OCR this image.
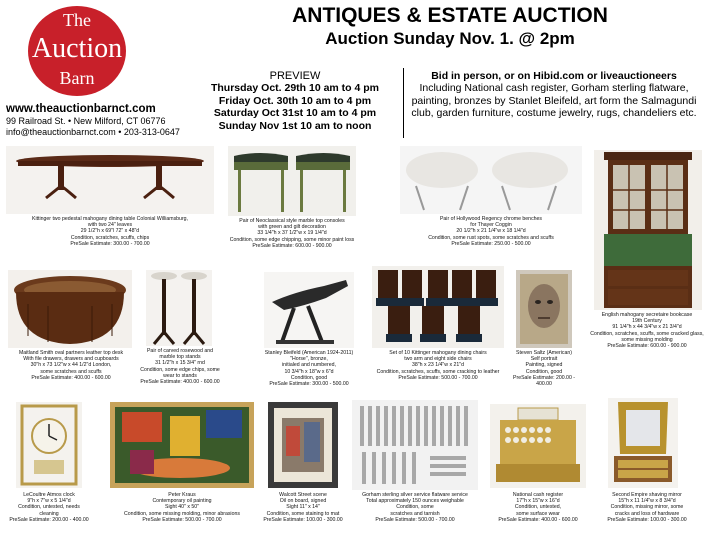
The
Auction
Barn
www.theauctionbarnct.com
99 Railroad St. • New Milford, CT 06776
info@theauctionbarnct.com • 203-313-0647
ANTIQUES & ESTATE AUCTION
Auction Sunday Nov. 1. @ 2pm
PREVIEW
Thursday Oct. 29th 10 am to 4 pm
Friday Oct. 30th 10 am to 4 pm
Saturday Oct 31st 10 am to 4 pm
Sunday Nov 1st 10 am to noon
Bid in person, or on Hibid.com or liveauctioneers
Including National cash register, Gorham sterling flatware, painting, bronzes by Stanlet Bleifeld, art form the Salmagundi club, garden furniture, costume jewelry, rugs, chandeliers etc.
Kittinger two pedestal mahogany dining table Colonial Williamsburg,
with two 24" leaves
29 1/2"h x 69"l 72" x 48"d
Condition, scratches, scuffs, chips
PreSale Estimate: 300.00 - 700.00
Pair of Neoclassical style marble top consoles
with green and gilt decoration
33 1/4"h x 37 1/2"w x 19 1/4"d
Condition, some edge chipping, some minor paint loss
PreSale Estimate: 600.00 - 900.00
Pair of Hollywood Regency chrome benches
for Thayer Coggin
20 1/2"h x 21 1/4"w x 18 1/4"d
Condition, some rust spots, some scratches and scuffs
PreSale Estimate: 250.00 - 500.00
English mahogany secretaire bookcase
19th Century
91 1/4"h x 44 3/4"w x 21 3/4"d
Condition, scratches, scuffs, some cracked glass, some missing molding
PreSale Estimate: 600.00 - 900.00
Maitland Smith oval partners leather top desk
With file drawers, drawers and cupboards
30"h x 73 1/2"w x 44 1/2"d London,
some scratches and scuffs
PreSale Estimate: 400.00 - 600.00
Pair of carved rosewood and
marble top stands
31 1/2"h x 15 3/4" rnd
Condition, some edge chips, some wear to stands
PreSale Estimate: 400.00 - 600.00
Stanley Bleifeld (American 1924-2011) "Horse", bronze,
initialed and numbered,
10 3/4"h x 18"w x 6"d
Condition, good
PreSale Estimate: 300.00 - 500.00
Set of 10 Kittinger mahogany dining chairs
two arm and eight side chairs
38"h x 23 1/4"w x 21"d
Condition, scratches, scuffs, some cracking to leather
PreSale Estimate: 500.00 - 700.00
Steven Saltz (American)
Self portrait
Painting, signed
Condition, good
PreSale Estimate: 200.00 - 400.00
LeCoultre Atmos clock
9"h x 7"w x 5 1/4"d
Condition, untested, needs
cleaning
PreSale Estimate: 200.00 - 400.00
Peter Kraus
Contemporary oil painting
Sight 40" x 50"
Condition, some missing molding, minor abrasions
PreSale Estimate: 500.00 - 700.00
Walcott Street scene
Oil on board, signed
Sight 11" x 14"
Condition, some staining to mat
PreSale Estimate: 100.00 - 300.00
Gorham sterling silver service flatware service
Total approximately 150 ounces weighable
Condition, some
scratches and tarnish
PreSale Estimate: 500.00 - 700.00
National cash register
17"h x 15"w x 16"d
Condition, untested,
some surface wear
PreSale Estimate: 400.00 - 600.00
Second Empire shaving mirror
15"h x 11 1/4"w x 8 3/4"d
Condition, missing mirror, some
cracks and loss of hardware
PreSale Estimate: 100.00 - 300.00
